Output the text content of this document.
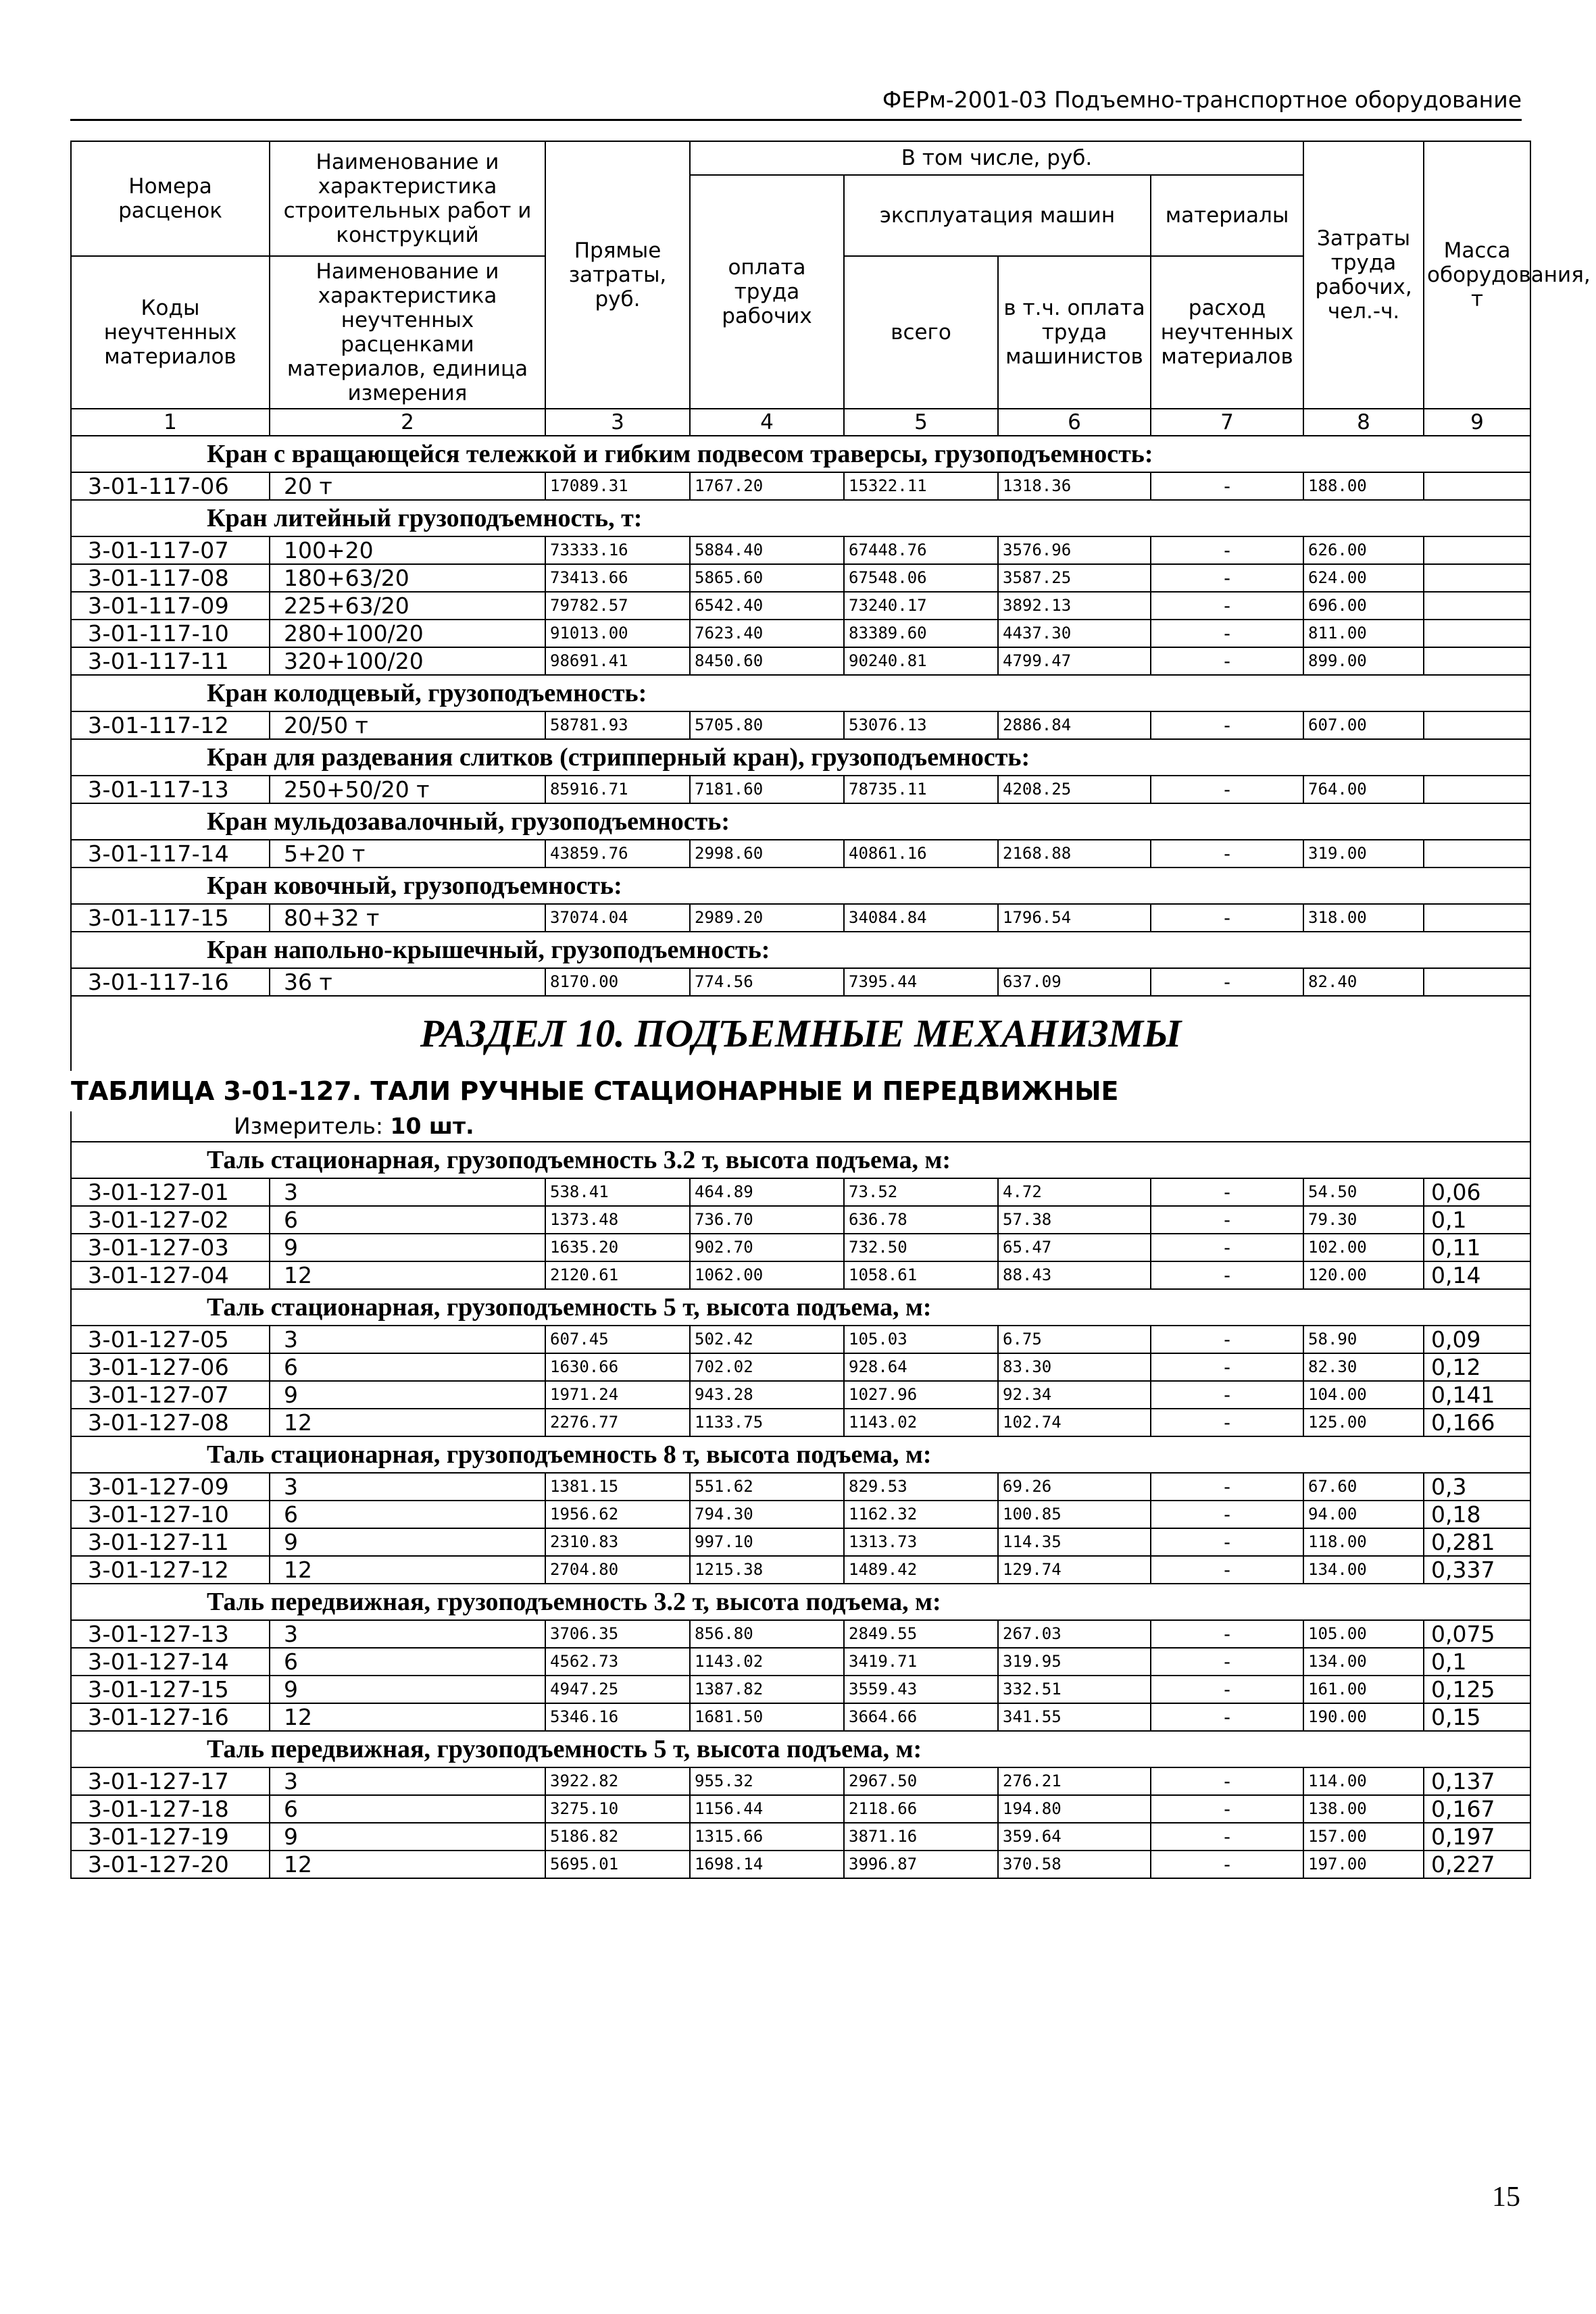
ФЕРм-2001-03 Подъемно-транспортное оборудование
Номера расценок	Наименование и характеристика строительных работ и конструкций	Прямые затраты, руб.	В том числе, руб.				Затраты труда рабочих, чел.-ч.	Масса оборудования, т
			оплата труда рабочих	эксплуатация машин		материалы		
Коды неучтенных материалов	Наименование и характеристика неучтенных расценками материалов, единица измерения			всего	в т.ч. оплата труда машинистов	расход неучтенных материалов		

1	2	3	4	5	6	7	8	9
Кран с вращающейся тележкой и гибким подвесом траверсы, грузоподъемность:								
3-01-117-06	20 т	17089.31	1767.20	15322.11	1318.36	-	188.00	
Кран литейный грузоподъемность, т:								
3-01-117-07	100+20	73333.16	5884.40	67448.76	3576.96	-	626.00	
3-01-117-08	180+63/20	73413.66	5865.60	67548.06	3587.25	-	624.00	
3-01-117-09	225+63/20	79782.57	6542.40	73240.17	3892.13	-	696.00	
3-01-117-10	280+100/20	91013.00	7623.40	83389.60	4437.30	-	811.00	
3-01-117-11	320+100/20	98691.41	8450.60	90240.81	4799.47	-	899.00	
Кран колодцевый, грузоподъемность:								
3-01-117-12	20/50 т	58781.93	5705.80	53076.13	2886.84	-	607.00	
Кран для раздевания слитков (стрипперный кран), грузоподъемность:								
3-01-117-13	250+50/20 т	85916.71	7181.60	78735.11	4208.25	-	764.00	
Кран мульдозавалочный, грузоподъемность:								
3-01-117-14	5+20 т	43859.76	2998.60	40861.16	2168.88	-	319.00	
Кран ковочный, грузоподъемность:								
3-01-117-15	80+32 т	37074.04	2989.20	34084.84	1796.54	-	318.00	
Кран напольно-крышечный, грузоподъемность:								
3-01-117-16	36 т	8170.00	774.56	7395.44	637.09	-	82.40	
РАЗДЕЛ 10. ПОДЪЕМНЫЕ МЕХАНИЗМЫ								
ТАБЛИЦА 3-01-127. ТАЛИ РУЧНЫЕ СТАЦИОНАРНЫЕ И ПЕРЕДВИЖНЫЕ								
Измеритель: 10 шт.								
Таль стационарная, грузоподъемность 3.2 т, высота подъема, м:								
3-01-127-01	3	538.41	464.89	73.52	4.72	-	54.50	0,06
3-01-127-02	6	1373.48	736.70	636.78	57.38	-	79.30	0,1
3-01-127-03	9	1635.20	902.70	732.50	65.47	-	102.00	0,11
3-01-127-04	12	2120.61	1062.00	1058.61	88.43	-	120.00	0,14
Таль стационарная, грузоподъемность 5 т, высота подъема, м:								
3-01-127-05	3	607.45	502.42	105.03	6.75	-	58.90	0,09
3-01-127-06	6	1630.66	702.02	928.64	83.30	-	82.30	0,12
3-01-127-07	9	1971.24	943.28	1027.96	92.34	-	104.00	0,141
3-01-127-08	12	2276.77	1133.75	1143.02	102.74	-	125.00	0,166
Таль стационарная, грузоподъемность 8 т, высота подъема, м:								
3-01-127-09	3	1381.15	551.62	829.53	69.26	-	67.60	0,3
3-01-127-10	6	1956.62	794.30	1162.32	100.85	-	94.00	0,18
3-01-127-11	9	2310.83	997.10	1313.73	114.35	-	118.00	0,281
3-01-127-12	12	2704.80	1215.38	1489.42	129.74	-	134.00	0,337
Таль передвижная, грузоподъемность 3.2 т, высота подъема, м:								
3-01-127-13	3	3706.35	856.80	2849.55	267.03	-	105.00	0,075
3-01-127-14	6	4562.73	1143.02	3419.71	319.95	-	134.00	0,1
3-01-127-15	9	4947.25	1387.82	3559.43	332.51	-	161.00	0,125
3-01-127-16	12	5346.16	1681.50	3664.66	341.55	-	190.00	0,15
Таль передвижная, грузоподъемность 5 т, высота подъема, м:								
3-01-127-17	3	3922.82	955.32	2967.50	276.21	-	114.00	0,137
3-01-127-18	6	3275.10	1156.44	2118.66	194.80	-	138.00	0,167
3-01-127-19	9	5186.82	1315.66	3871.16	359.64	-	157.00	0,197
3-01-127-20	12	5695.01	1698.14	3996.87	370.58	-	197.00	0,227
15
